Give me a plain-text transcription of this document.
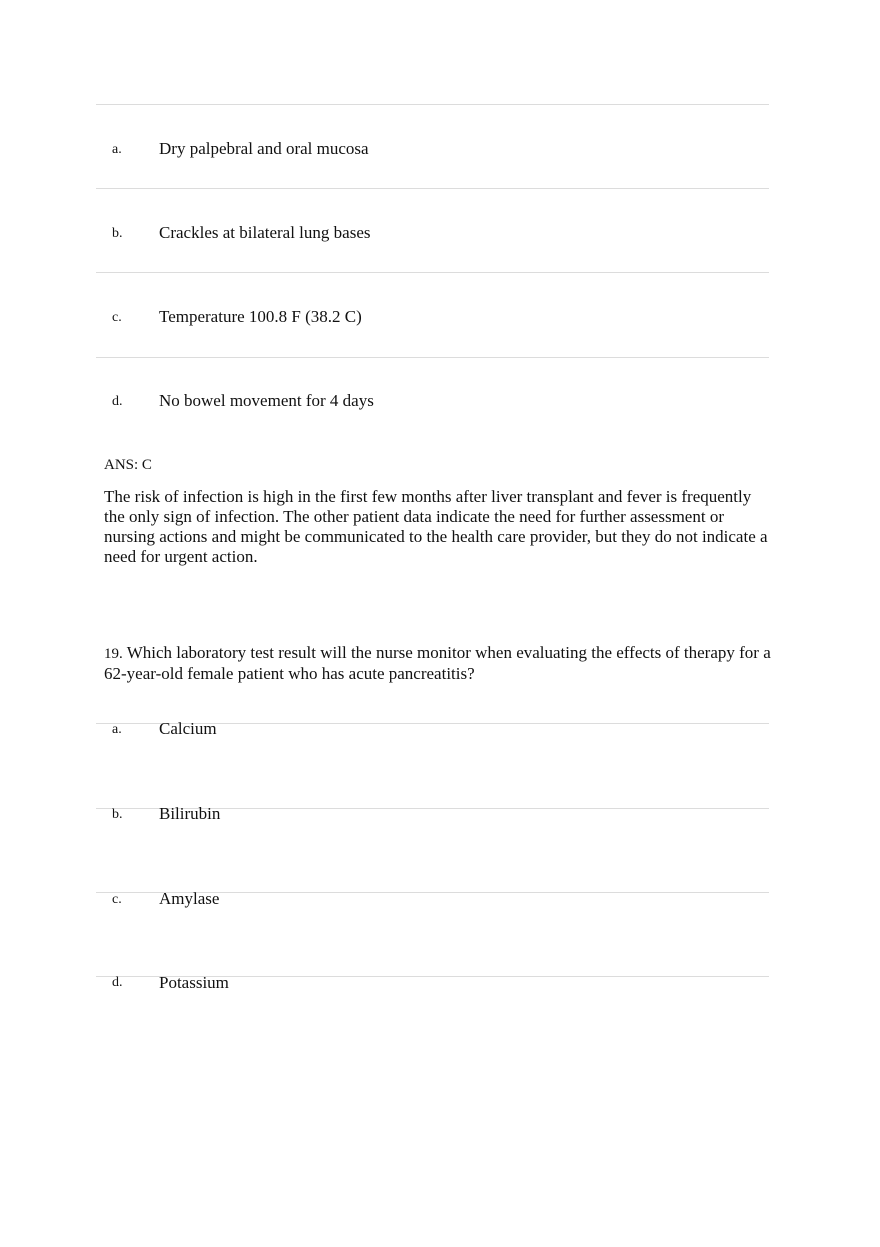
a. Dry palpebral and oral mucosa
b. Crackles at bilateral lung bases
c. Temperature 100.8 F (38.2 C)
d. No bowel movement for 4 days
ANS: C
The risk of infection is high in the first few months after liver transplant and fever is frequently the only sign of infection. The other patient data indicate the need for further assessment or nursing actions and might be communicated to the health care provider, but they do not indicate a need for urgent action.
19. Which laboratory test result will the nurse monitor when evaluating the effects of therapy for a 62-year-old female patient who has acute pancreatitis?
a. Calcium
b. Bilirubin
c. Amylase
d. Potassium
